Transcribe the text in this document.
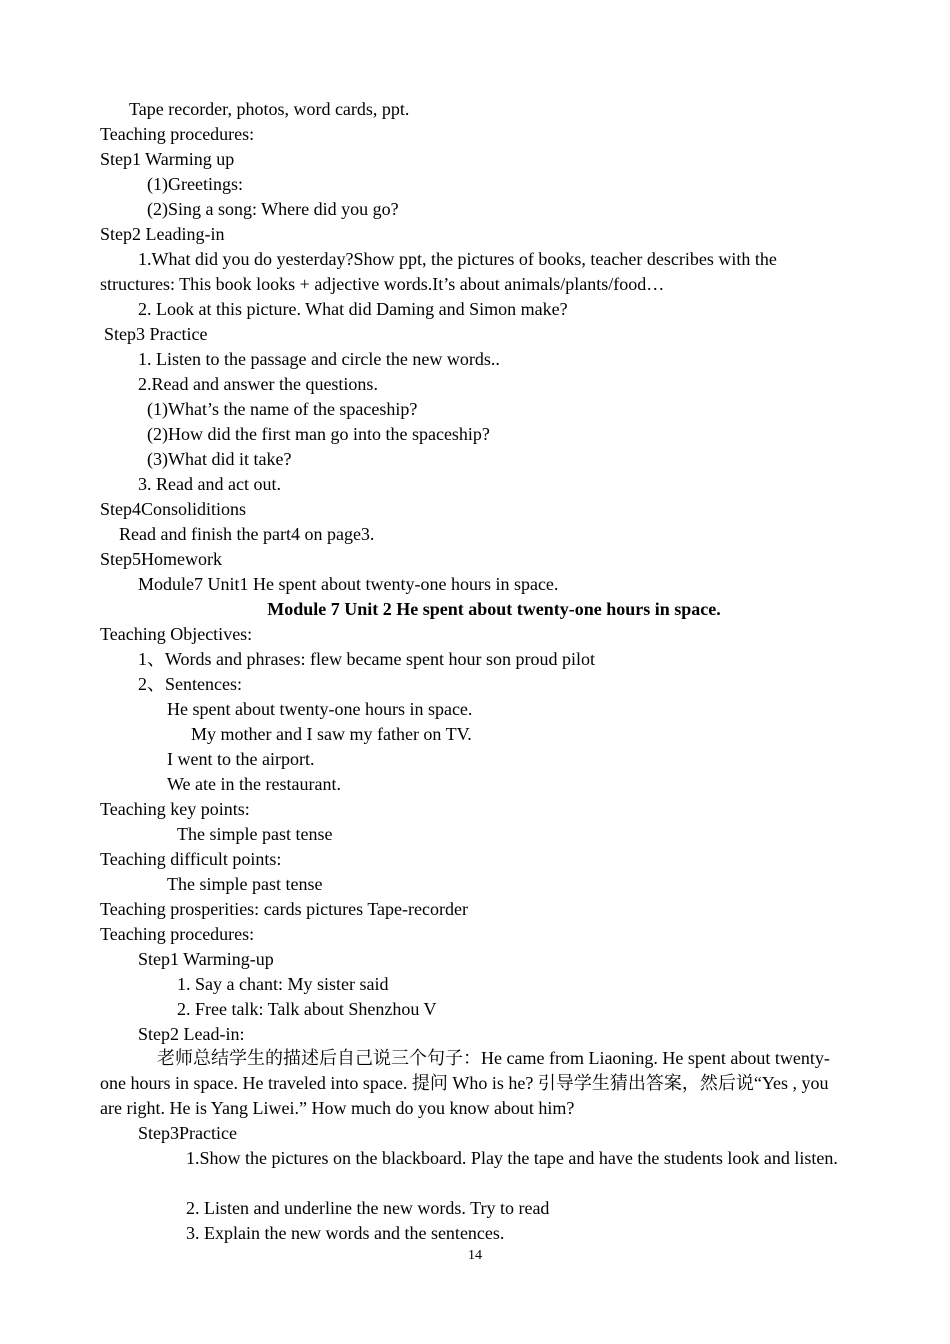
Tape recorder, photos, word cards, ppt.
Teaching procedures:
Step1 Warming up
(1)Greetings:
(2)Sing a song: Where did you go?
Step2 Leading-in
1.What did you do yesterday?Show ppt, the pictures of books, teacher describes with the structures: This book looks + adjective words.It’s about animals/plants/food…
2. Look at this picture. What did Daming and Simon make?
Step3 Practice
1. Listen to the passage and circle the new words..
2.Read and answer the questions.
(1)What’s the name of the spaceship?
(2)How did the first man go into the spaceship?
(3)What did it take?
3. Read and act out.
Step4Consoliditions
Read and finish the part4 on page3.
Step5Homework
Module7 Unit1 He spent about twenty-one hours in space.
Module 7 Unit 2 He spent about twenty-one hours in space.
Teaching Objectives:
1、Words and phrases: flew became spent hour son proud pilot
2、Sentences:
He spent about twenty-one hours in space.
My mother and I saw my father on TV.
I went to the airport.
We ate in the restaurant.
Teaching key points:
The simple past tense
Teaching difficult points:
The simple past tense
Teaching prosperities: cards pictures Tape-recorder
Teaching procedures:
Step1 Warming-up
1. Say a chant: My sister said
2. Free talk: Talk about Shenzhou V
Step2 Lead-in:
老师总结学生的描述后自己说三个句子：He came from Liaoning. He spent about twenty-one hours in space. He traveled into space. 提问 Who is he? 引导学生猜出答案，然后说“Yes , you are right. He is Yang Liwei.” How much do you know about him?
Step3Practice
1.Show the pictures on the blackboard. Play the tape and have the students look and listen.
2. Listen and underline the new words. Try to read
3. Explain the new words and the sentences.
14
